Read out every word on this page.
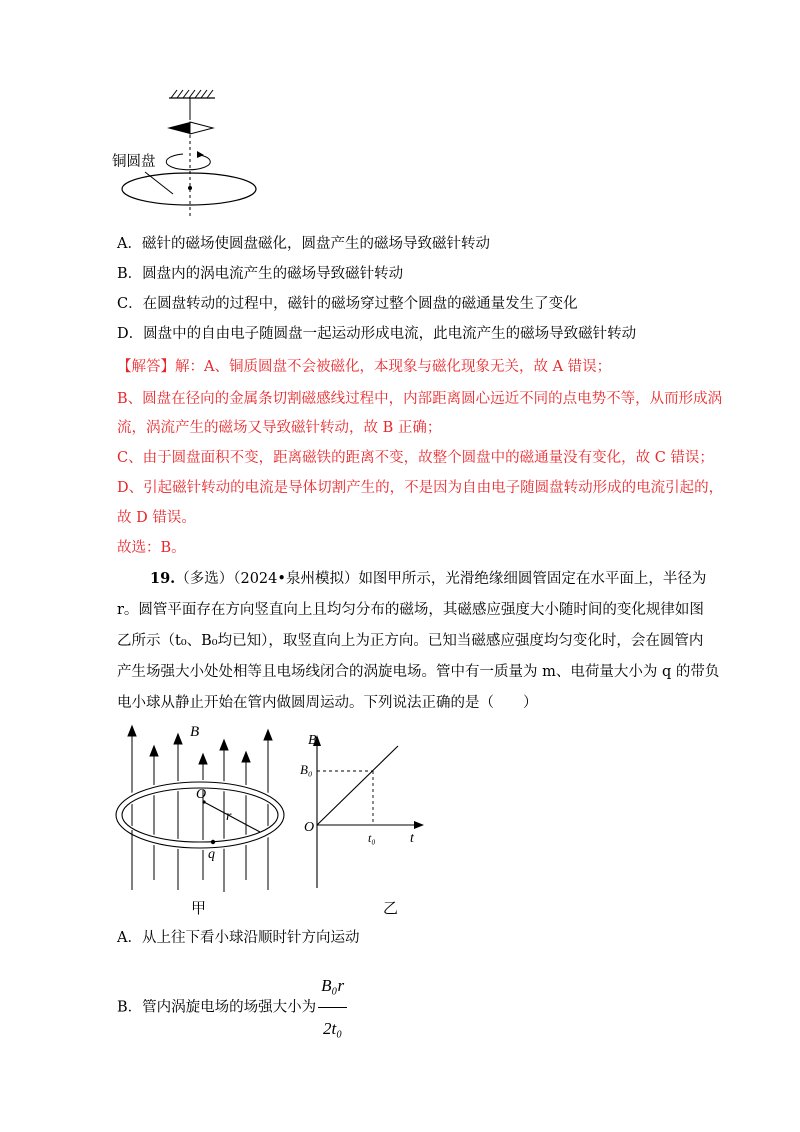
铜圆盘
A．磁针的磁场使圆盘磁化，圆盘产生的磁场导致磁针转动
B．圆盘内的涡电流产生的磁场导致磁针转动
C．在圆盘转动的过程中，磁针的磁场穿过整个圆盘的磁通量发生了变化
D．圆盘中的自由电子随圆盘一起运动形成电流，此电流产生的磁场导致磁针转动
【解答】解：A、铜质圆盘不会被磁化，本现象与磁化现象无关，故 A 错误；
B、圆盘在径向的金属条切割磁感线过程中，内部距离圆心远近不同的点电势不等，从而形成涡
流，涡流产生的磁场又导致磁针转动，故 B 正确；
C、由于圆盘面积不变，距离磁铁的距离不变，故整个圆盘中的磁通量没有变化，故 C 错误；
D、引起磁针转动的电流是导体切割产生的，不是因为自由电子随圆盘转动形成的电流引起的，
故 D 错误。
故选：B。
19.（多选）（2024•泉州模拟）如图甲所示，光滑绝缘细圆管固定在水平面上，半径为
r。圆管平面存在方向竖直向上且均匀分布的磁场，其磁感应强度大小随时间的变化规律如图
乙所示（t₀、B₀均已知），取竖直向上为正方向。已知当磁感应强度均匀变化时，会在圆管内
产生场强大小处处相等且电场线闭合的涡旋电场。管中有一质量为 m、电荷量大小为 q 的带负
电小球从静止开始在管内做圆周运动。下列说法正确的是（　　）
B
O
r
q
甲
B
B₀
O
t₀ t
乙
A．从上往下看小球沿顺时针方向运动
B．管内涡旋电场的场强大小为 $\frac{\text{B₀r}}{\text{2t₀}}$
